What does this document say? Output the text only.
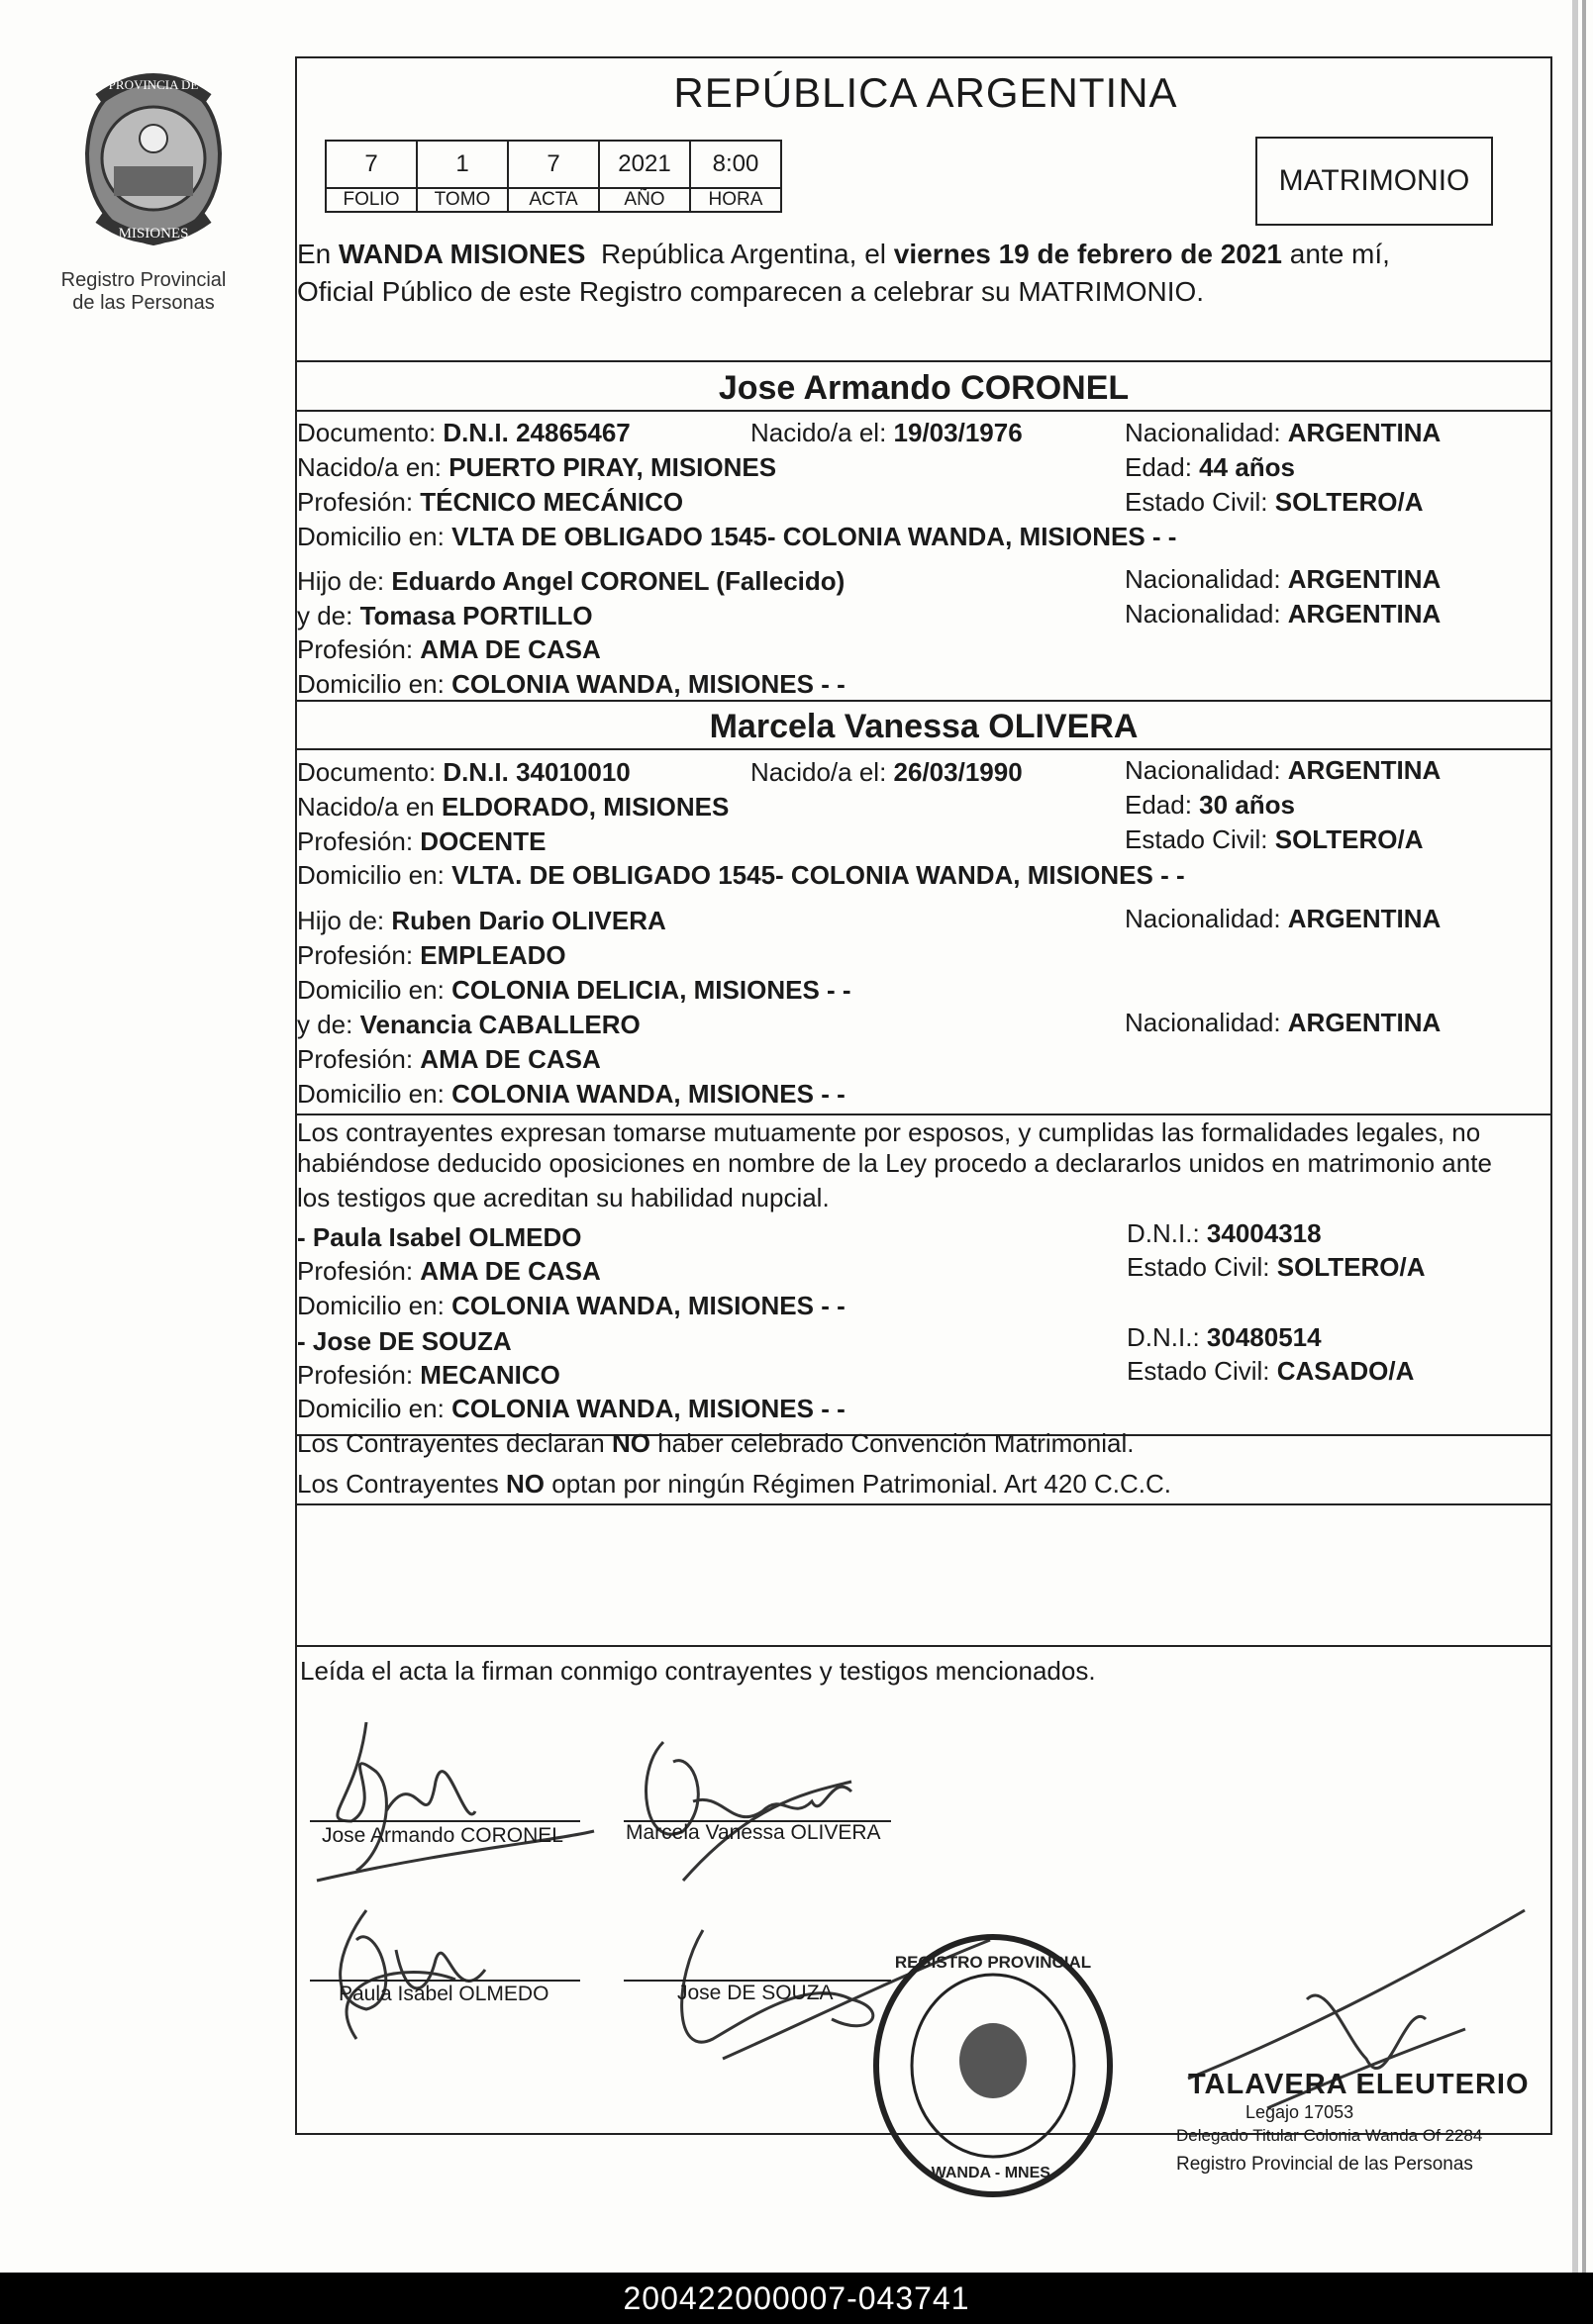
PROVINCIA DE
MISIONES
Registro Provincial
de las Personas
REPÚBLICA ARGENTINA
7	1	7	2021	8:00
FOLIO	TOMO	ACTA	AÑO	HORA
MATRIMONIO
En WANDA MISIONES  República Argentina, el viernes 19 de febrero de 2021 ante mí,
Oficial Público de este Registro comparecen a celebrar su MATRIMONIO.
Jose Armando CORONEL
Documento: D.N.I. 24865467	Nacido/a el: 19/03/1976	Nacionalidad: ARGENTINA
Nacido/a en: PUERTO PIRAY, MISIONES	Edad: 44 años
Profesión: TÉCNICO MECÁNICO	Estado Civil: SOLTERO/A
Domicilio en: VLTA DE OBLIGADO 1545- COLONIA WANDA, MISIONES - -
Hijo de: Eduardo Angel CORONEL (Fallecido)	Nacionalidad: ARGENTINA
y de: Tomasa PORTILLO	Nacionalidad: ARGENTINA
Profesión: AMA DE CASA
Domicilio en: COLONIA WANDA, MISIONES - -
Marcela Vanessa OLIVERA
Documento: D.N.I. 34010010	Nacido/a el: 26/03/1990	Nacionalidad: ARGENTINA
Nacido/a en ELDORADO, MISIONES	Edad: 30 años
Profesión: DOCENTE	Estado Civil: SOLTERO/A
Domicilio en: VLTA. DE OBLIGADO 1545- COLONIA WANDA, MISIONES - -
Hijo de: Ruben Dario OLIVERA	Nacionalidad: ARGENTINA
Profesión: EMPLEADO
Domicilio en: COLONIA DELICIA, MISIONES - -
y de: Venancia CABALLERO	Nacionalidad: ARGENTINA
Profesión: AMA DE CASA
Domicilio en: COLONIA WANDA, MISIONES - -
Los contrayentes expresan tomarse mutuamente por esposos, y cumplidas las formalidades legales, no
habiéndose deducido oposiciones en nombre de la Ley procedo a declararlos unidos en matrimonio ante
los testigos que acreditan su habilidad nupcial.
- Paula Isabel OLMEDO	D.N.I.: 34004318
Profesión: AMA DE CASA	Estado Civil: SOLTERO/A
Domicilio en: COLONIA WANDA, MISIONES - -
- Jose DE SOUZA	D.N.I.: 30480514
Profesión: MECANICO	Estado Civil: CASADO/A
Domicilio en: COLONIA WANDA, MISIONES - -
Los Contrayentes declaran NO haber celebrado Convención Matrimonial.
Los Contrayentes NO optan por ningún Régimen Patrimonial. Art 420 C.C.C.
Leída el acta la firman conmigo contrayentes y testigos mencionados.
Jose Armando CORONEL	Marcela Vanessa OLIVERA
Paula Isabel OLMEDO	Jose DE SOUZA
REGISTRO PROVINCIAL
WANDA - MNES.
TALAVERA ELEUTERIO
Legajo 17053
Delegado Titular Colonia Wanda Of 2284
Registro Provincial de las Personas
200422000007-043741
